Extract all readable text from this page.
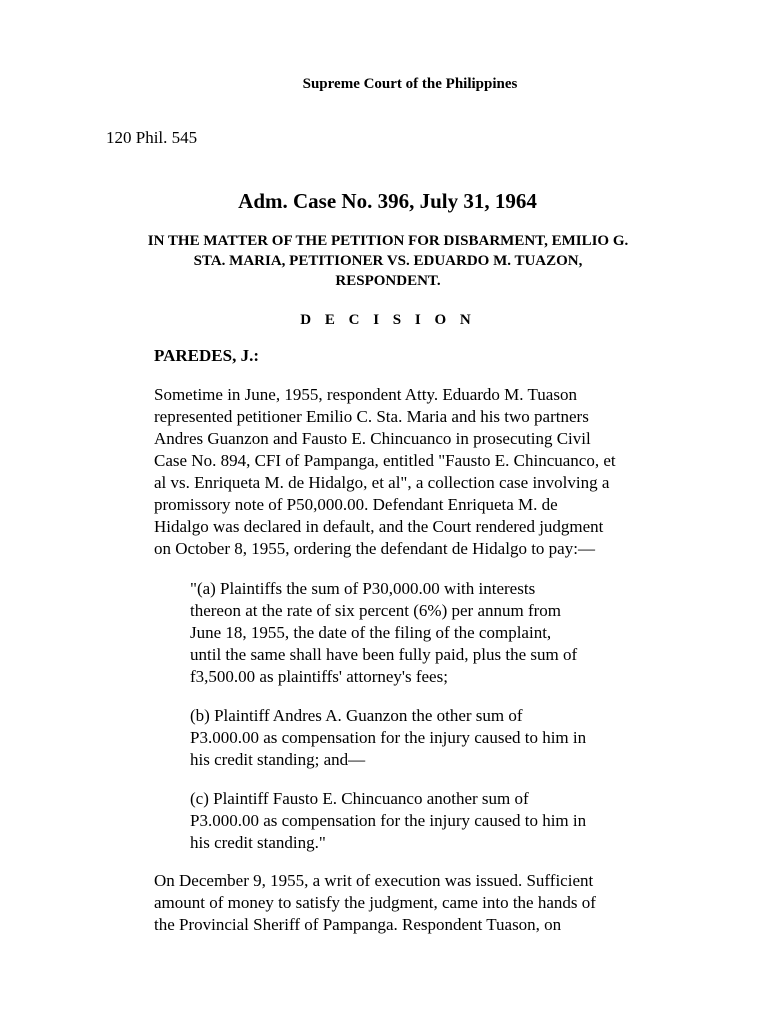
Supreme Court of the Philippines
120 Phil. 545
Adm. Case No. 396, July 31, 1964
IN THE MATTER OF THE PETITION FOR DISBARMENT, EMILIO G.
STA. MARIA, PETITIONER VS. EDUARDO M. TUAZON,
RESPONDENT.
D E C I S I O N
PAREDES, J.:
Sometime in June, 1955, respondent Atty. Eduardo M. Tuason
represented petitioner Emilio C. Sta. Maria and his two partners
Andres Guanzon and Fausto E. Chincuanco in prosecuting Civil
Case No. 894, CFI of Pampanga, entitled "Fausto E. Chincuanco, et
al vs. Enriqueta M. de Hidalgo, et al", a collection case involving a
promissory note of P50,000.00. Defendant Enriqueta M. de
Hidalgo was declared in default, and the Court rendered judgment
on October 8, 1955, ordering the defendant de Hidalgo to pay:—
"(a) Plaintiffs the sum of P30,000.00 with interests
thereon at the rate of six percent (6%) per annum from
June 18, 1955, the date of the filing of the complaint,
until the same shall have been fully paid, plus the sum of
f3,500.00 as plaintiffs' attorney's fees;
(b) Plaintiff Andres A. Guanzon the other sum of
P3.000.00 as compensation for the injury caused to him in
his credit standing; and—
(c) Plaintiff Fausto E. Chincuanco another sum of
P3.000.00 as compensation for the injury caused to him in
his credit standing."
On December 9, 1955, a writ of execution was issued. Sufficient
amount of money to satisfy the judgment, came into the hands of
the Provincial Sheriff of Pampanga. Respondent Tuason, on
